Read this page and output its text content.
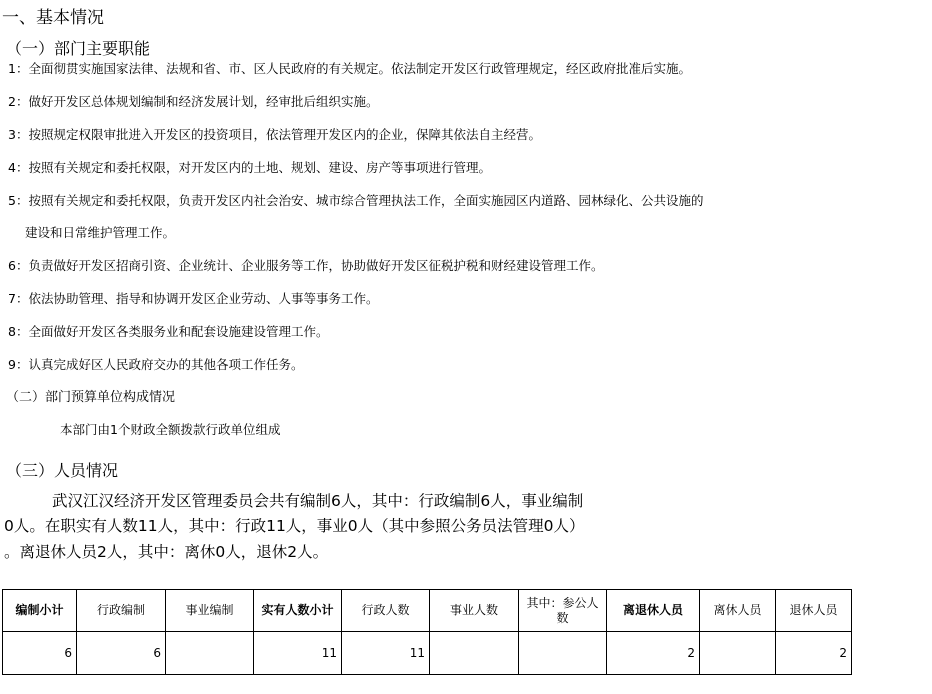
一、基本情况
（一）部门主要职能
1：全面彻贯实施国家法律、法规和省、市、区人民政府的有关规定。依法制定开发区行政管理规定，经区政府批准后实施。
2：做好开发区总体规划编制和经济发展计划，经审批后组织实施。
3：按照规定权限审批进入开发区的投资项目，依法管理开发区内的企业，保障其依法自主经营。
4：按照有关规定和委托权限，对开发区内的土地、规划、建设、房产等事项进行管理。
5：按照有关规定和委托权限，负责开发区内社会治安、城市综合管理执法工作，全面实施园区内道路、园林绿化、公共设施的
建设和日常维护管理工作。
6：负责做好开发区招商引资、企业统计、企业服务等工作，协助做好开发区征税护税和财经建设管理工作。
7：依法协助管理、指导和协调开发区企业劳动、人事等事务工作。
8：全面做好开发区各类服务业和配套设施建设管理工作。
9：认真完成好区人民政府交办的其他各项工作任务。
（二）部门预算单位构成情况
本部门由1个财政全额拨款行政单位组成
（三）人员情况
武汉江汉经济开发区管理委员会共有编制6人，其中：行政编制6人，事业编制
0人。在职实有人数11人，其中：行政11人，事业0人（其中参照公务员法管理0人）
。离退休人员2人，其中：离休0人，退休2人。
编制小计	行政编制	事业编制	实有人数小计	行政人数	事业人数	其中：参公人数	离退休人员	离休人员	退休人员
6	6		11	11			2		2
